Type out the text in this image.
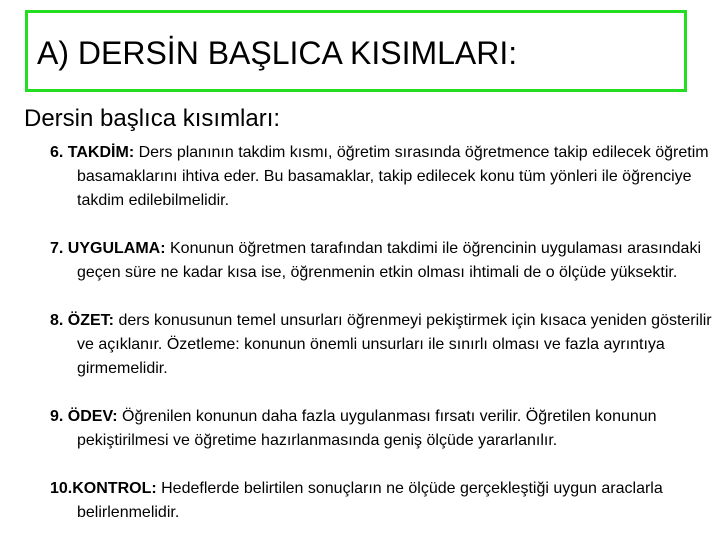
A) DERSİN BAŞLICA KISIMLARI:
Dersin başlıca kısımları:
6. TAKDİM: Ders planının takdim kısmı, öğretim sırasında öğretmence takip edilecek öğretim basamaklarını ihtiva eder. Bu basamaklar, takip edilecek konu tüm yönleri ile öğrenciye takdim edilebilmelidir.
7. UYGULAMA: Konunun öğretmen tarafından takdimi ile öğrencinin uygulaması arasındaki geçen süre ne kadar kısa ise, öğrenmenin etkin olması ihtimali de o ölçüde yüksektir.
8. ÖZET: ders konusunun temel unsurları öğrenmeyi pekiştirmek için kısaca yeniden gösterilir ve açıklanır. Özetleme: konunun önemli unsurları ile sınırlı olması ve fazla ayrıntıya girmemelidir.
9. ÖDEV: Öğrenilen konunun daha fazla uygulanması fırsatı verilir. Öğretilen konunun pekiştirilmesi ve öğretime hazırlanmasında geniş ölçüde yararlanılır.
10.KONTROL: Hedeflerde belirtilen sonuçların ne ölçüde gerçekleştiği uygun araclarla belirlenmelidir.
